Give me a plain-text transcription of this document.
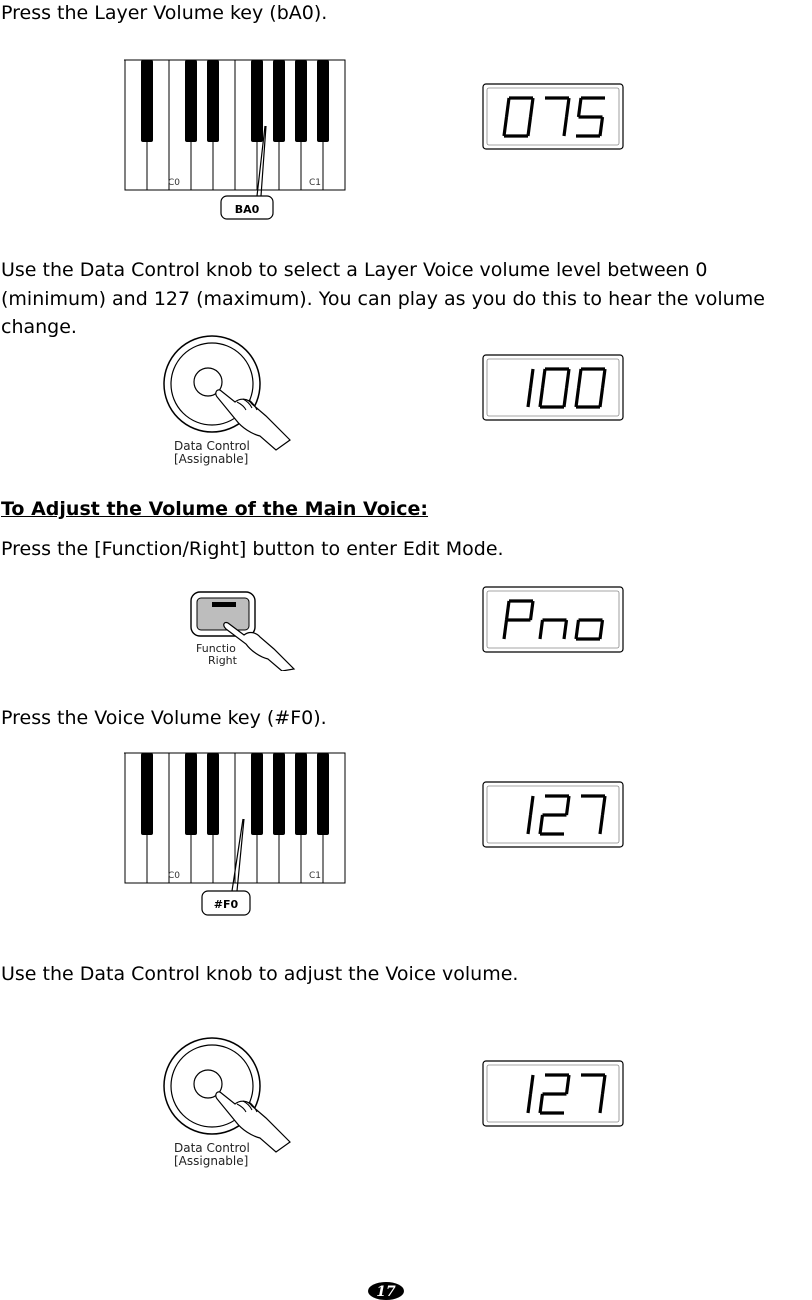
Press the Layer Volume key (bA0).

C0	C1
BA0
075

Use the Data Control knob to select a Layer Voice volume level between 0 (minimum) and 127 (maximum). You can play as you do this to hear the volume change.

Data Control
[Assignable]
100
To Adjust the Volume of the Main Voice:

Press the [Function/Right] button to enter Edit Mode.

Functio
Right
Pno

Press the Voice Volume key (#F0).

C0	C1
#F0
127

Use the Data Control knob to adjust the Voice volume.

Data Control
[Assignable]
127
17
